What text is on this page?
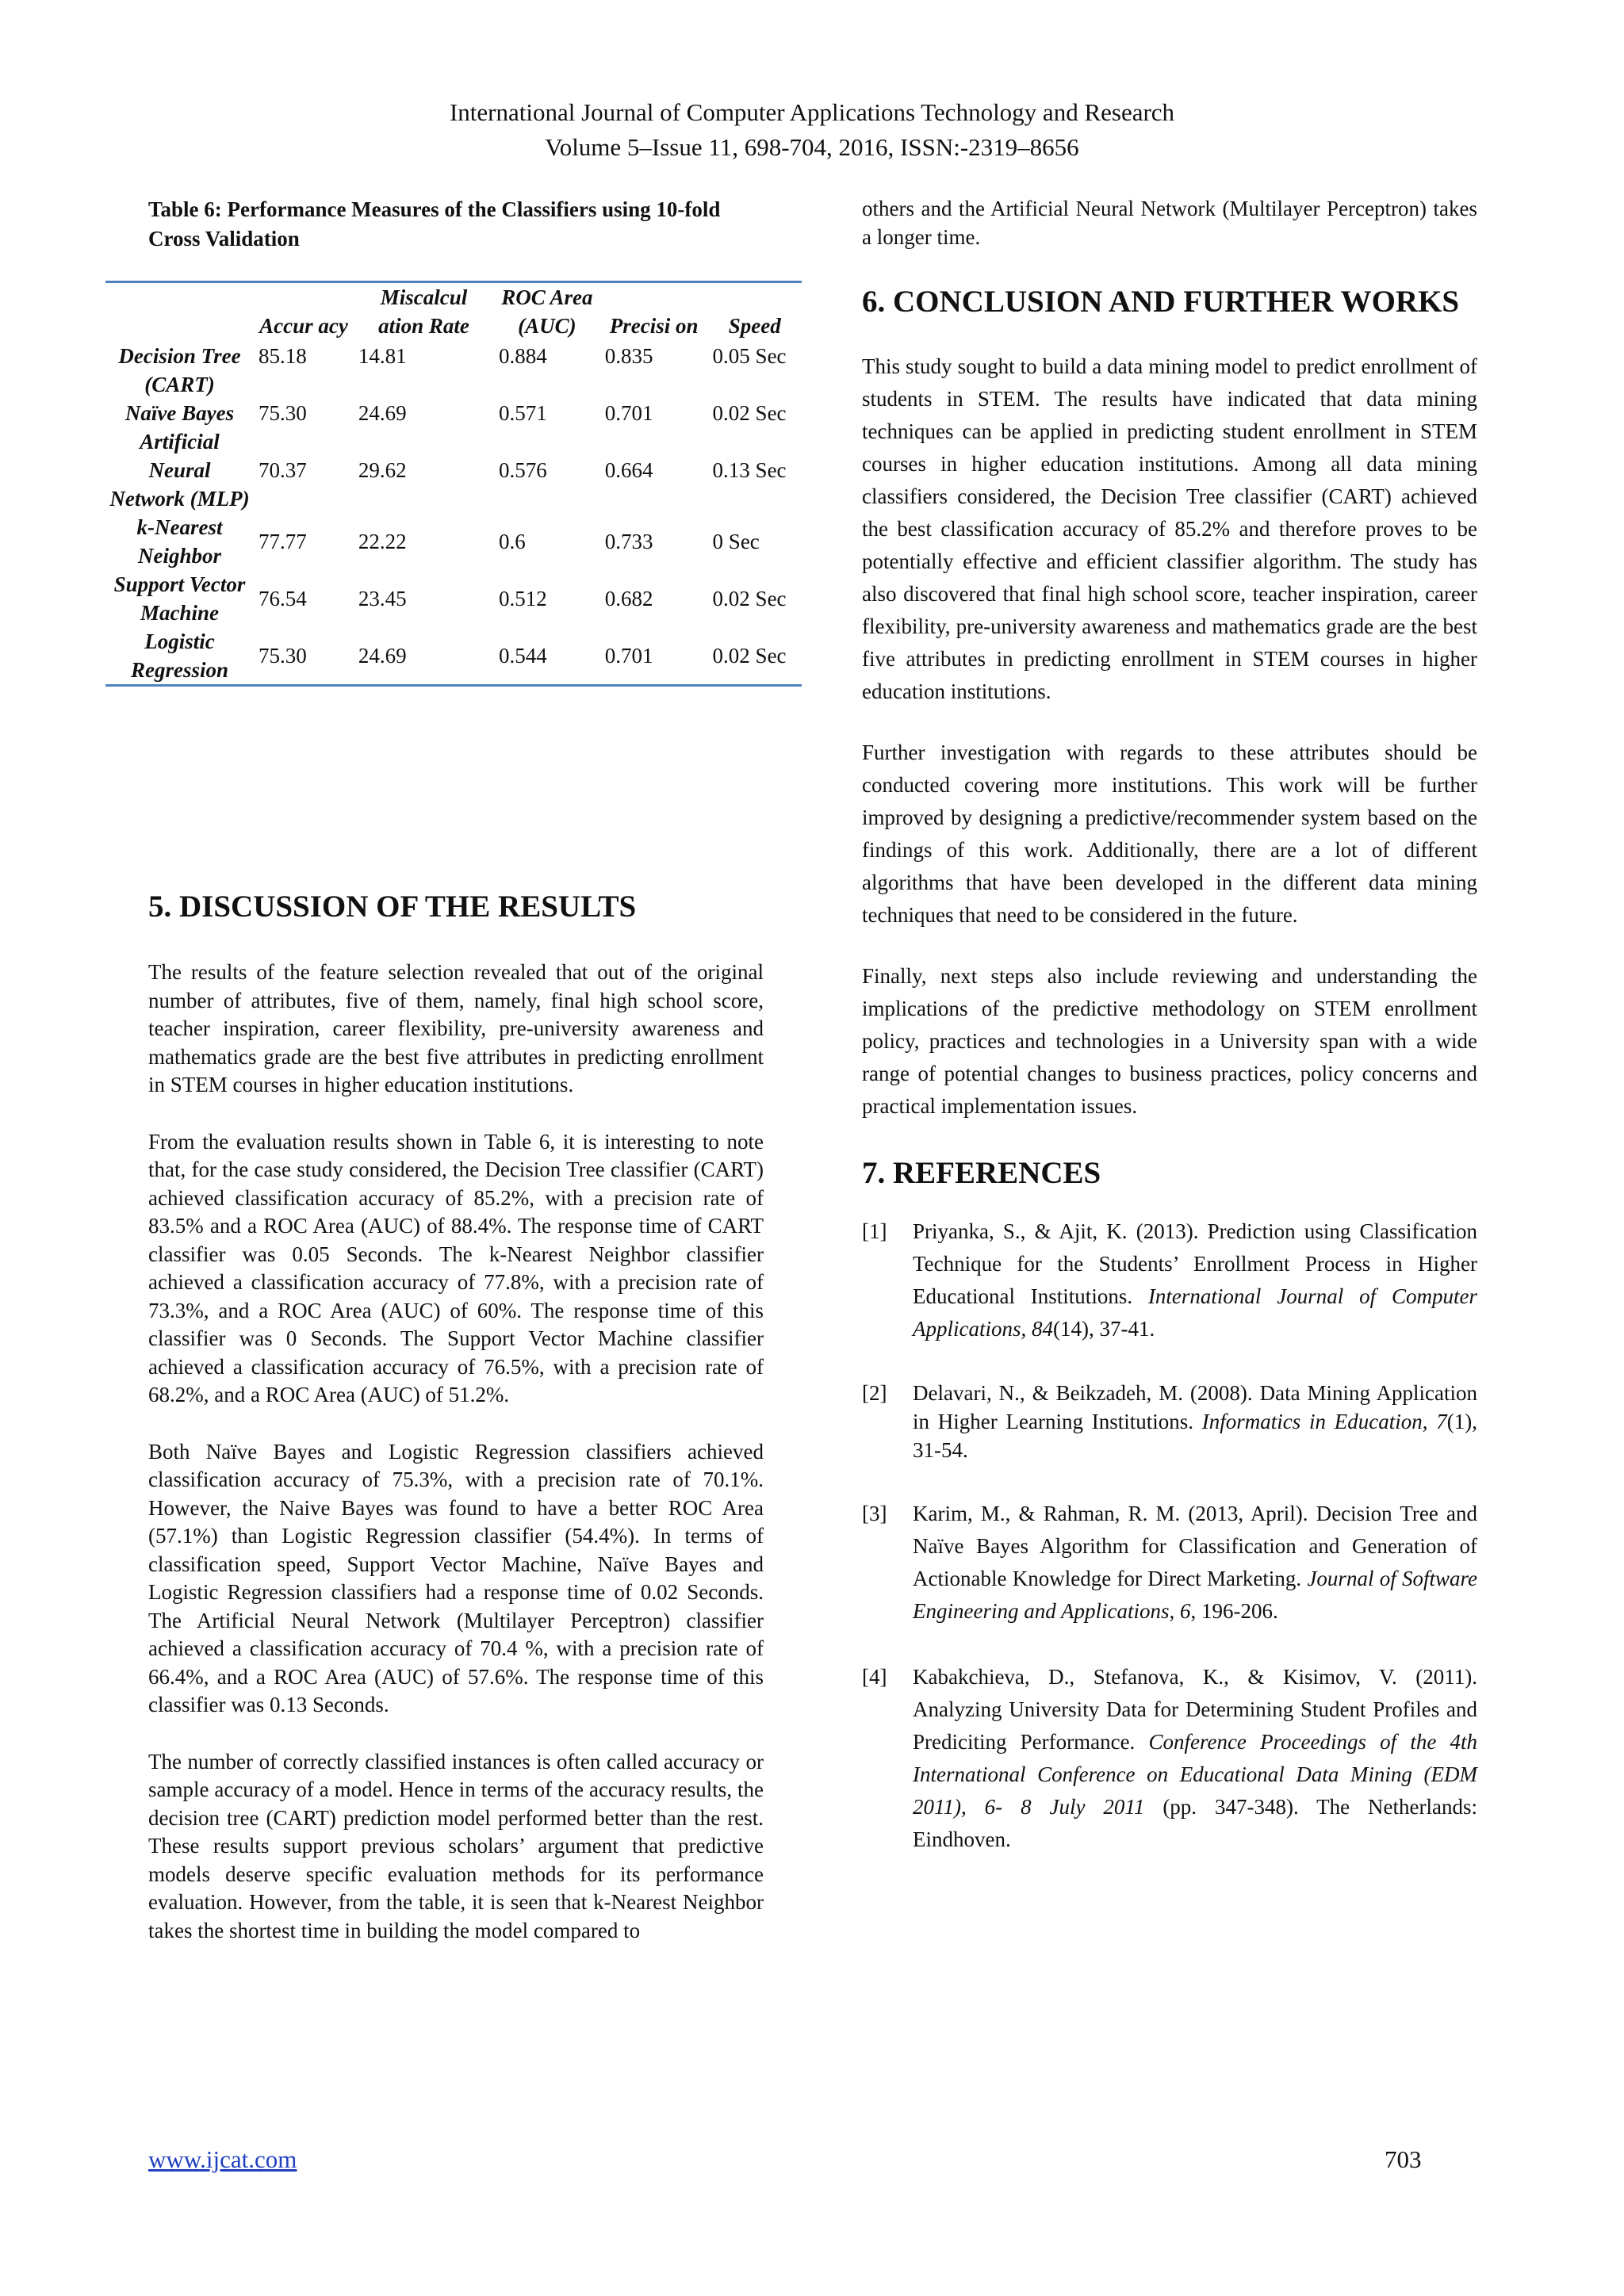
International Journal of Computer Applications Technology and Research
Volume 5–Issue 11, 698-704, 2016, ISSN:-2319–8656

Table 6: Performance Measures of the Classifiers using 10-fold Cross Validation

	Accur acy	Miscalcul ation Rate	ROC Area (AUC)	Precisi on	Speed
Decision Tree (CART)	85.18	14.81	0.884	0.835	0.05 Sec
Naïve Bayes	75.30	24.69	0.571	0.701	0.02 Sec
Artificial Neural Network (MLP)	70.37	29.62	0.576	0.664	0.13 Sec
k-Nearest Neighbor	77.77	22.22	0.6	0.733	0 Sec
Support Vector Machine	76.54	23.45	0.512	0.682	0.02 Sec
Logistic Regression	75.30	24.69	0.544	0.701	0.02 Sec
5. DISCUSSION OF THE RESULTS

The results of the feature selection revealed that out of the original number of attributes, five of them, namely, final high school score, teacher inspiration, career flexibility, pre-university awareness and mathematics grade are the best five attributes in predicting enrollment in STEM courses in higher education institutions.

From the evaluation results shown in Table 6, it is interesting to note that, for the case study considered, the Decision Tree classifier (CART) achieved classification accuracy of 85.2%, with a precision rate of 83.5% and a ROC Area (AUC) of 88.4%. The response time of CART classifier was 0.05 Seconds. The k-Nearest Neighbor classifier achieved a classification accuracy of 77.8%, with a precision rate of 73.3%, and a ROC Area (AUC) of 60%. The response time of this classifier was 0 Seconds. The Support Vector Machine classifier achieved a classification accuracy of 76.5%, with a precision rate of 68.2%, and a ROC Area (AUC) of 51.2%.

Both Naïve Bayes and Logistic Regression classifiers achieved classification accuracy of 75.3%, with a precision rate of 70.1%. However, the Naive Bayes was found to have a better ROC Area (57.1%) than Logistic Regression classifier (54.4%). In terms of classification speed, Support Vector Machine, Naïve Bayes and Logistic Regression classifiers had a response time of 0.02 Seconds. The Artificial Neural Network (Multilayer Perceptron) classifier achieved a classification accuracy of 70.4 %, with a precision rate of 66.4%, and a ROC Area (AUC) of 57.6%. The response time of this classifier was 0.13 Seconds.

The number of correctly classified instances is often called accuracy or sample accuracy of a model. Hence in terms of the accuracy results, the decision tree (CART) prediction model performed better than the rest. These results support previous scholars’ argument that predictive models deserve specific evaluation methods for its performance evaluation. However, from the table, it is seen that k-Nearest Neighbor takes the shortest time in building the model compared to

others and the Artificial Neural Network (Multilayer Perceptron) takes a longer time.

6. CONCLUSION AND FURTHER WORKS

This study sought to build a data mining model to predict enrollment of students in STEM. The results have indicated that data mining techniques can be applied in predicting student enrollment in STEM courses in higher education institutions. Among all data mining classifiers considered, the Decision Tree classifier (CART) achieved the best classification accuracy of 85.2% and therefore proves to be potentially effective and efficient classifier algorithm. The study has also discovered that final high school score, teacher inspiration, career flexibility, pre-university awareness and mathematics grade are the best five attributes in predicting enrollment in STEM courses in higher education institutions.

Further investigation with regards to these attributes should be conducted covering more institutions. This work will be further improved by designing a predictive/recommender system based on the findings of this work. Additionally, there are a lot of different algorithms that have been developed in the different data mining techniques that need to be considered in the future.

Finally, next steps also include reviewing and understanding the implications of the predictive methodology on STEM enrollment policy, practices and technologies in a University span with a wide range of potential changes to business practices, policy concerns and practical implementation issues.

7. REFERENCES
[1]	Priyanka, S., & Ajit, K. (2013). Prediction using Classification Technique for the Students’ Enrollment Process in Higher Educational Institutions. International Journal of Computer Applications, 84(14), 37-41.
[2]	Delavari, N., & Beikzadeh, M. (2008). Data Mining Application in Higher Learning Institutions. Informatics in Education, 7(1), 31-54.
[3]	Karim, M., & Rahman, R. M. (2013, April). Decision Tree and Naïve Bayes Algorithm for Classification and Generation of Actionable Knowledge for Direct Marketing. Journal of Software Engineering and Applications, 6, 196-206.
[4]	Kabakchieva, D., Stefanova, K., & Kisimov, V. (2011). Analyzing University Data for Determining Student Profiles and Prediciting Performance. Conference Proceedings of the 4th International Conference on Educational Data Mining (EDM 2011), 6- 8 July 2011 (pp. 347-348). The Netherlands: Eindhoven.
www.ijcat.com	703
